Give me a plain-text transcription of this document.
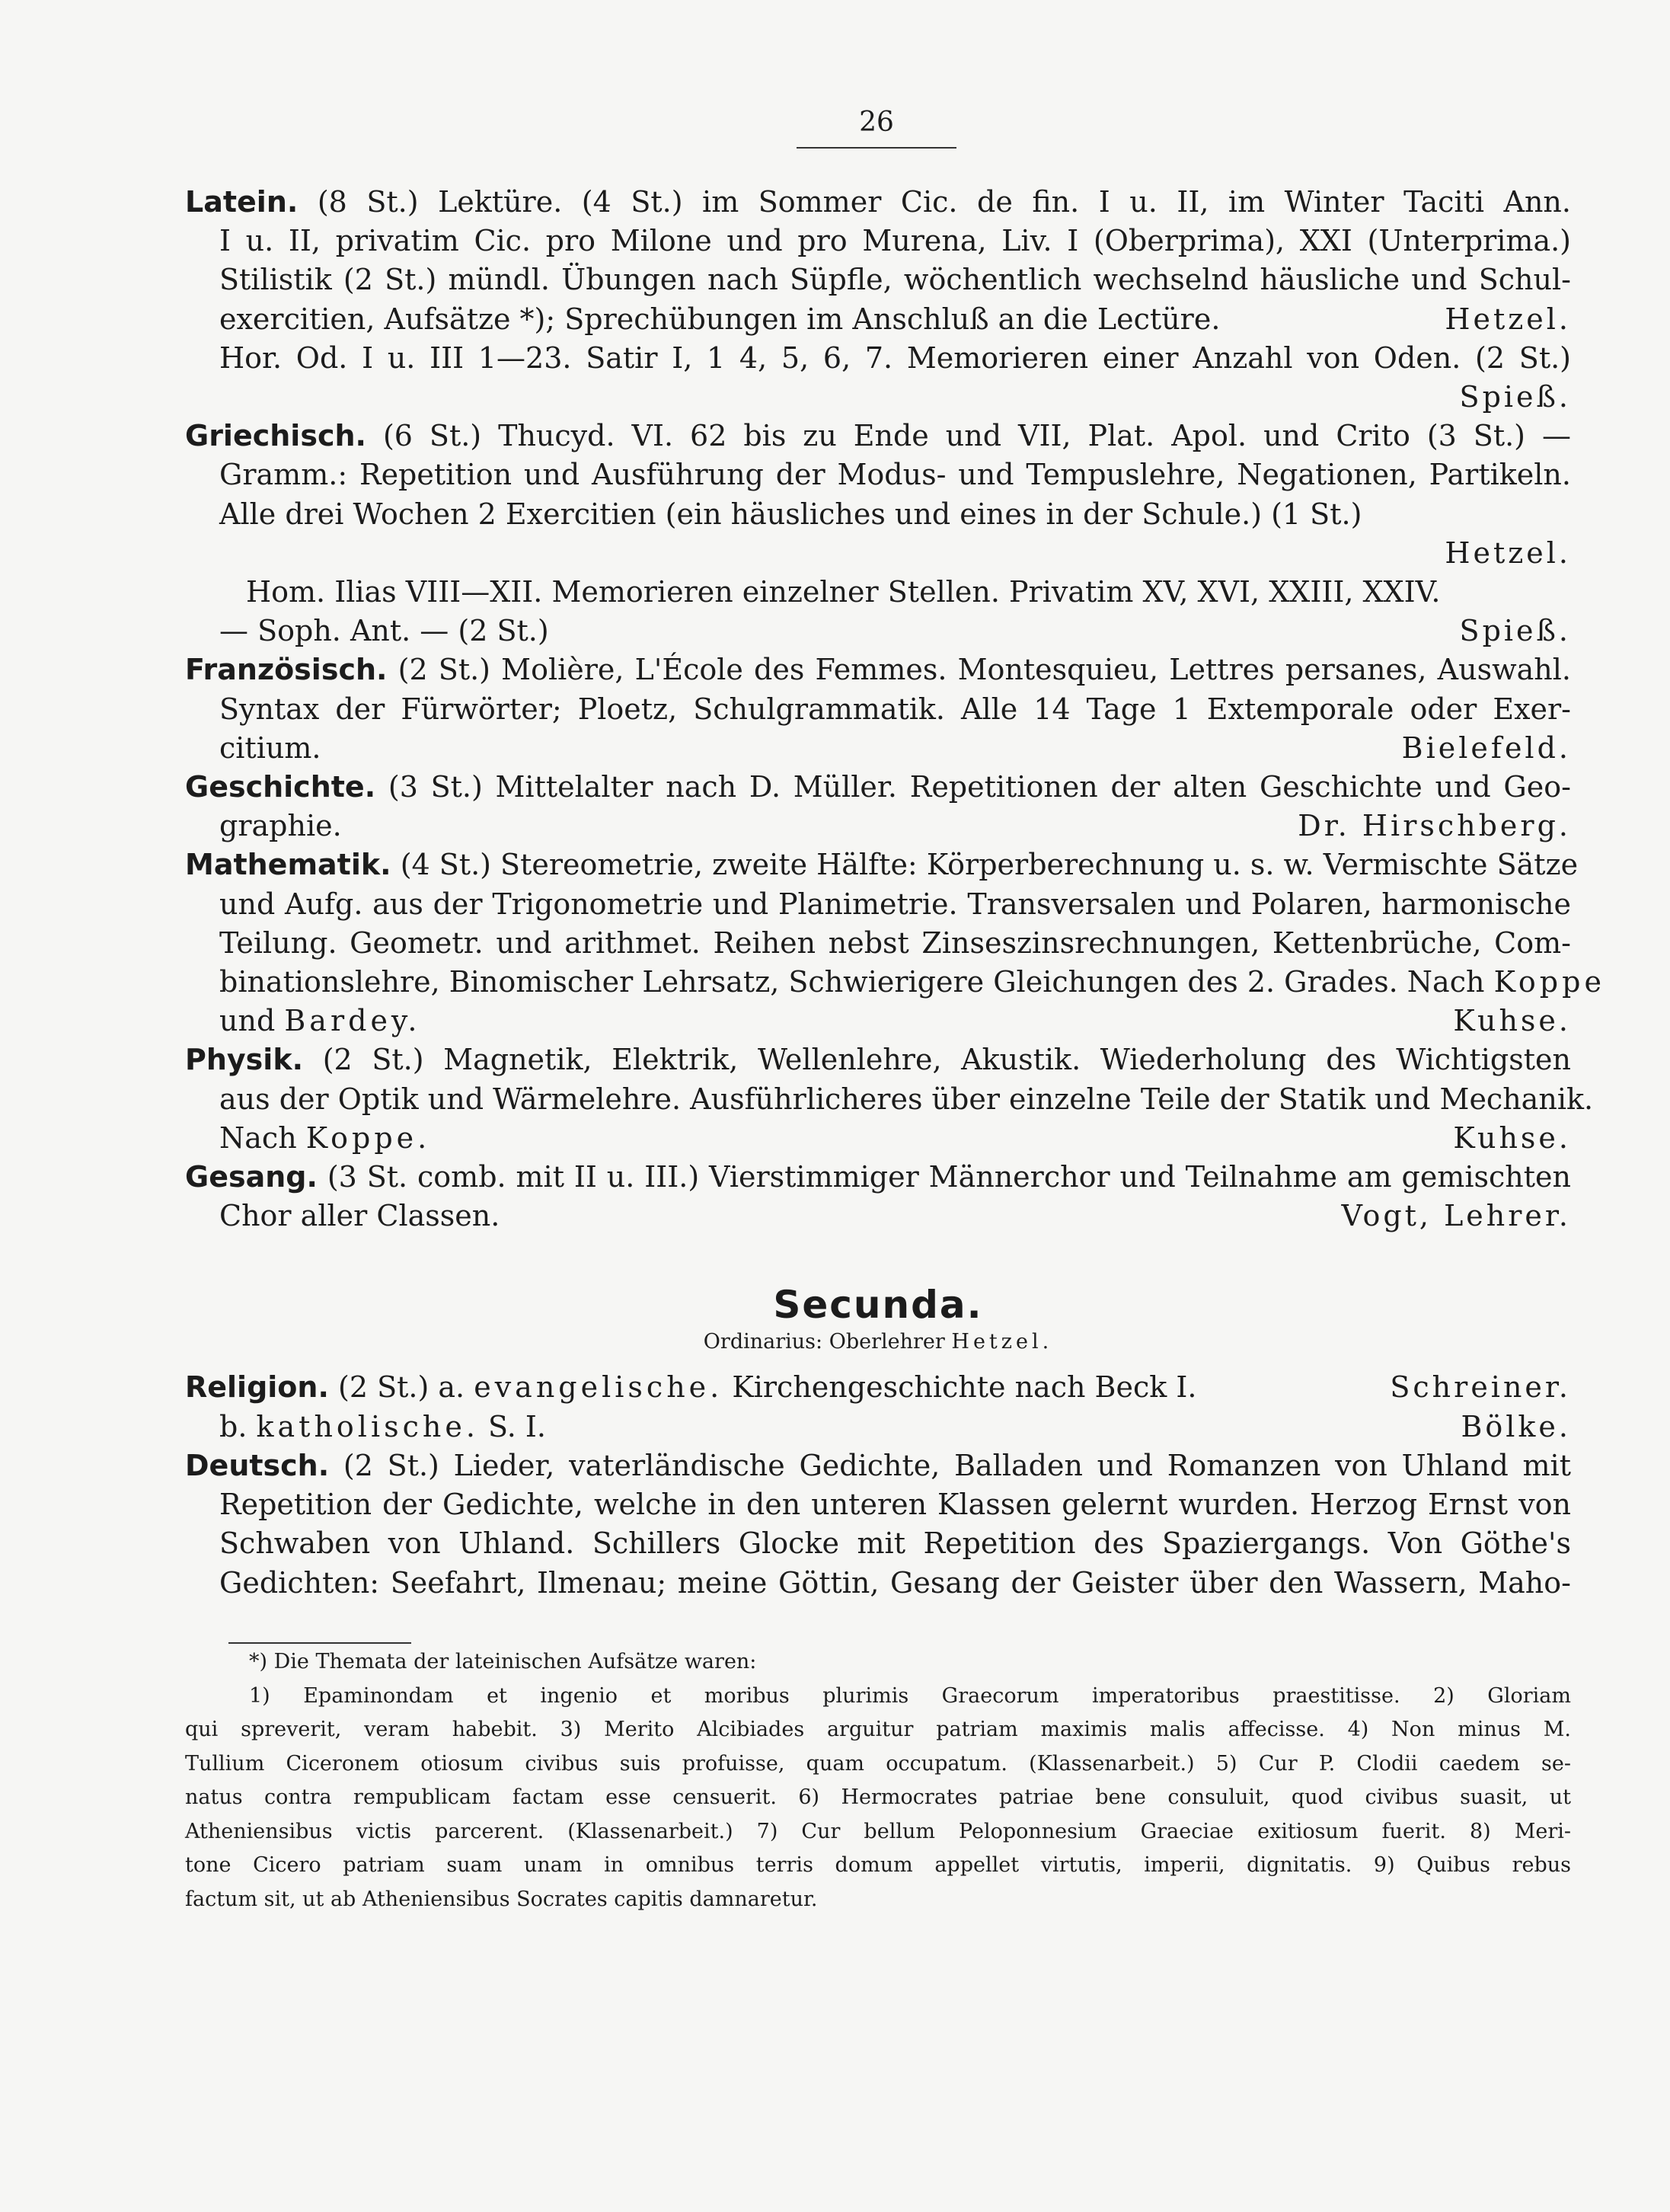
26

Latein. (8 St.) Lektüre. (4 St.) im Sommer Cic. de fin. I u. II, im Winter Taciti Ann.

I u. II, privatim Cic. pro Milone und pro Murena, Liv. I (Oberprima), XXI (Unterprima.)

Stilistik (2 St.) mündl. Übungen nach Süpfle, wöchentlich wechselnd häusliche und Schul-

exercitien, Aufsätze *); Sprechübungen im Anschluß an die Lectüre.	Hetzel.

Hor. Od. I u. III 1—23. Satir I, 1 4, 5, 6, 7. Memorieren einer Anzahl von Oden. (2 St.)

Spieß.

Griechisch. (6 St.) Thucyd. VI. 62 bis zu Ende und VII, Plat. Apol. und Crito (3 St.) —

Gramm.: Repetition und Ausführung der Modus- und Tempuslehre, Negationen, Partikeln.

Alle drei Wochen 2 Exercitien (ein häusliches und eines in der Schule.) (1 St.)

Hetzel.

Hom. Ilias VIII—XII. Memorieren einzelner Stellen. Privatim XV, XVI, XXIII, XXIV.

— Soph. Ant. — (2 St.)	Spieß.

Französisch. (2 St.) Molière, L'École des Femmes. Montesquieu, Lettres persanes, Auswahl.

Syntax der Fürwörter; Ploetz, Schulgrammatik. Alle 14 Tage 1 Extemporale oder Exer-

citium.	Bielefeld.

Geschichte. (3 St.) Mittelalter nach D. Müller. Repetitionen der alten Geschichte und Geo-

graphie.	Dr. Hirschberg.

Mathematik. (4 St.) Stereometrie, zweite Hälfte: Körperberechnung u. s. w. Vermischte Sätze

und Aufg. aus der Trigonometrie und Planimetrie. Transversalen und Polaren, harmonische

Teilung. Geometr. und arithmet. Reihen nebst Zinseszinsrechnungen, Kettenbrüche, Com-

binationslehre, Binomischer Lehrsatz, Schwierigere Gleichungen des 2. Grades. Nach Koppe

und Bardey.	Kuhse.

Physik. (2 St.) Magnetik, Elektrik, Wellenlehre, Akustik. Wiederholung des Wichtigsten

aus der Optik und Wärmelehre. Ausführlicheres über einzelne Teile der Statik und Mechanik.

Nach Koppe.	Kuhse.

Gesang. (3 St. comb. mit II u. III.) Vierstimmiger Männerchor und Teilnahme am gemischten

Chor aller Classen.	Vogt, Lehrer.

Secunda.
Ordinarius: Oberlehrer Hetzel.

Religion. (2 St.) a. evangelische. Kirchengeschichte nach Beck I.	Schreiner.

b. katholische. S. I.	Bölke.

Deutsch. (2 St.) Lieder, vaterländische Gedichte, Balladen und Romanzen von Uhland mit

Repetition der Gedichte, welche in den unteren Klassen gelernt wurden. Herzog Ernst von

Schwaben von Uhland. Schillers Glocke mit Repetition des Spaziergangs. Von Göthe's

Gedichten: Seefahrt, Ilmenau; meine Göttin, Gesang der Geister über den Wassern, Maho-

*) Die Themata der lateinischen Aufsätze waren:

1) Epaminondam et ingenio et moribus plurimis Graecorum imperatoribus praestitisse. 2) Gloriam

qui spreverit, veram habebit. 3) Merito Alcibiades arguitur patriam maximis malis affecisse. 4) Non minus M.

Tullium Ciceronem otiosum civibus suis profuisse, quam occupatum. (Klassenarbeit.) 5) Cur P. Clodii caedem se-

natus contra rempublicam factam esse censuerit. 6) Hermocrates patriae bene consuluit, quod civibus suasit, ut

Atheniensibus victis parcerent. (Klassenarbeit.) 7) Cur bellum Peloponnesium Graeciae exitiosum fuerit. 8) Meri-

tone Cicero patriam suam unam in omnibus terris domum appellet virtutis, imperii, dignitatis. 9) Quibus rebus

factum sit, ut ab Atheniensibus Socrates capitis damnaretur.
